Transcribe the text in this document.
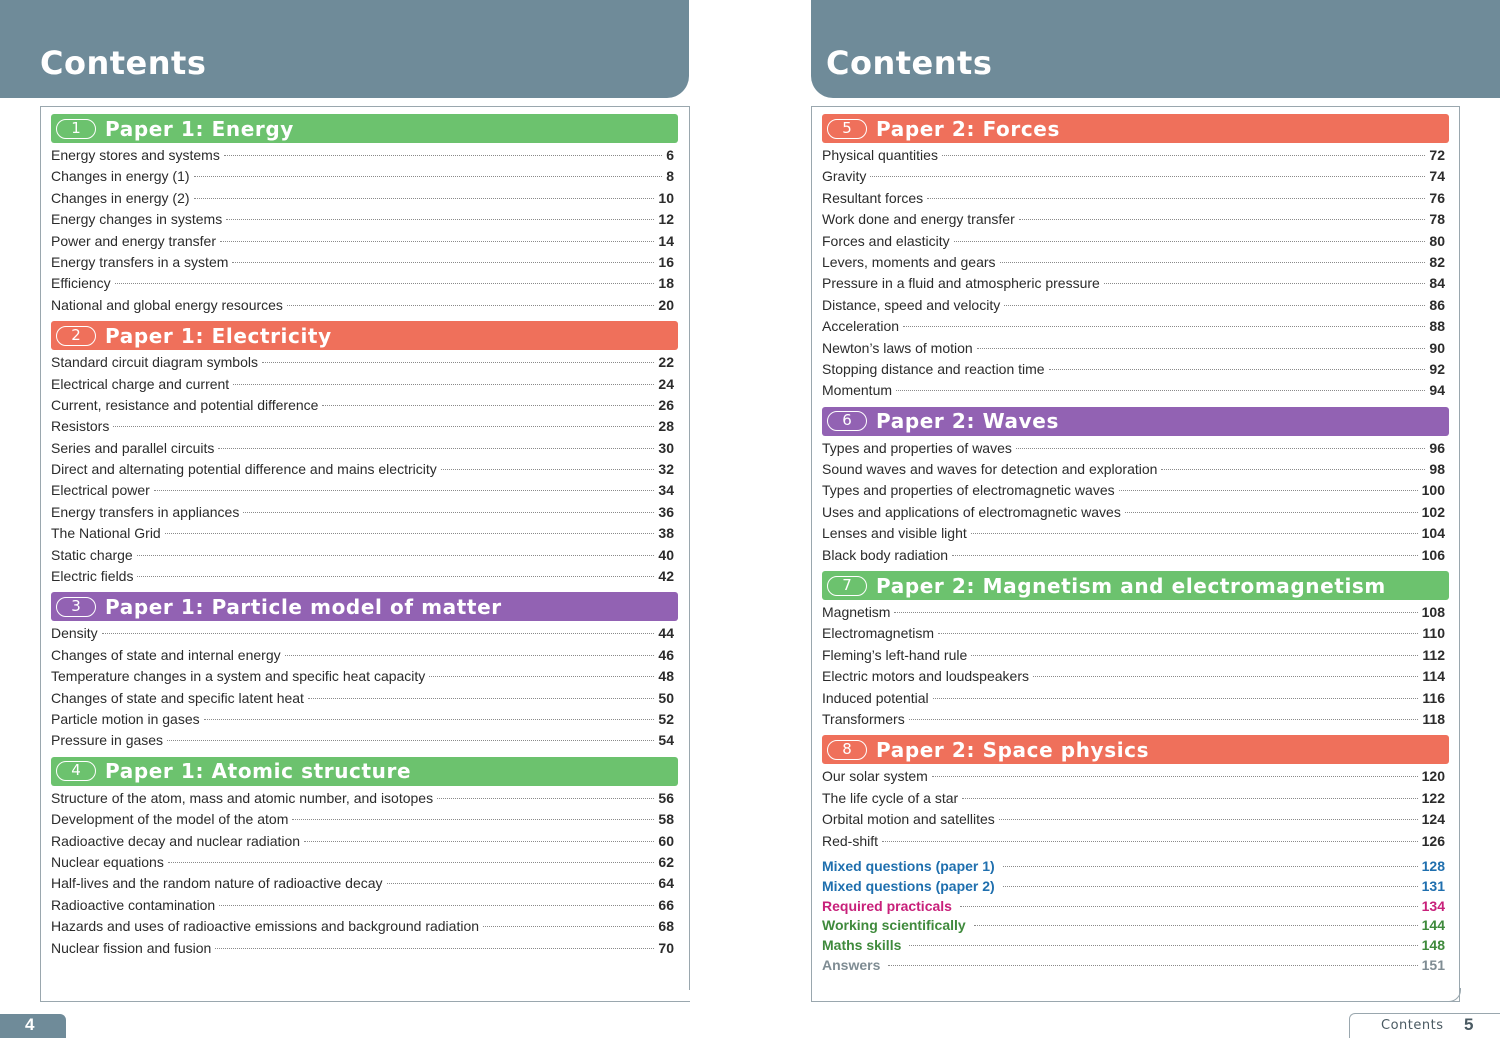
Contents
1	Paper 1: Energy
Energy stores and systems	6
Changes in energy (1)	8
Changes in energy (2)	10
Energy changes in systems	12
Power and energy transfer	14
Energy transfers in a system	16
Efficiency	18
National and global energy resources	20
2	Paper 1: Electricity
Standard circuit diagram symbols	22
Electrical charge and current	24
Current, resistance and potential difference	26
Resistors	28
Series and parallel circuits	30
Direct and alternating potential difference and mains electricity	32
Electrical power	34
Energy transfers in appliances	36
The National Grid	38
Static charge	40
Electric fields	42
3	Paper 1: Particle model of matter
Density	44
Changes of state and internal energy	46
Temperature changes in a system and specific heat capacity	48
Changes of state and specific latent heat	50
Particle motion in gases	52
Pressure in gases	54
4	Paper 1: Atomic structure
Structure of the atom, mass and atomic number, and isotopes	56
Development of the model of the atom	58
Radioactive decay and nuclear radiation	60
Nuclear equations	62
Half-lives and the random nature of radioactive decay	64
Radioactive contamination	66
Hazards and uses of radioactive emissions and background radiation	68
Nuclear fission and fusion	70
Contents
5	Paper 2: Forces
Physical quantities	72
Gravity	74
Resultant forces	76
Work done and energy transfer	78
Forces and elasticity	80
Levers, moments and gears	82
Pressure in a fluid and atmospheric pressure	84
Distance, speed and velocity	86
Acceleration	88
Newton’s laws of motion	90
Stopping distance and reaction time	92
Momentum	94
6	Paper 2: Waves
Types and properties of waves	96
Sound waves and waves for detection and exploration	98
Types and properties of electromagnetic waves	100
Uses and applications of electromagnetic waves	102
Lenses and visible light	104
Black body radiation	106
7	Paper 2: Magnetism and electromagnetism
Magnetism	108
Electromagnetism	110
Fleming’s left-hand rule	112
Electric motors and loudspeakers	114
Induced potential	116
Transformers	118
8	Paper 2: Space physics
Our solar system	120
The life cycle of a star	122
Orbital motion and satellites	124
Red-shift	126
Mixed questions (paper 1)	128
Mixed questions (paper 2)	131
Required practicals	134
Working scientifically	144
Maths skills	148
Answers	151
4	Contents 5
